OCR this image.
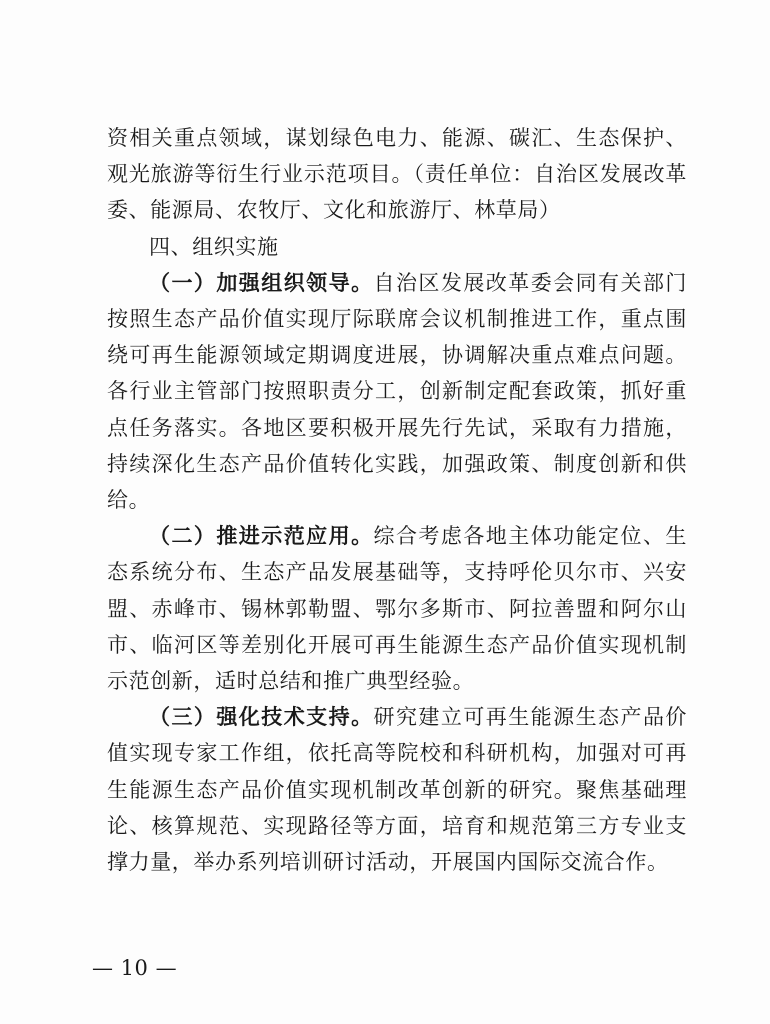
资相关重点领域，谋划绿色电力、能源、碳汇、生态保护、观光旅游等衍生行业示范项目。（责任单位：自治区发展改革委、能源局、农牧厅、文化和旅游厅、林草局）

四、组织实施

（一）加强组织领导。自治区发展改革委会同有关部门按照生态产品价值实现厅际联席会议机制推进工作，重点围绕可再生能源领域定期调度进展，协调解决重点难点问题。各行业主管部门按照职责分工，创新制定配套政策，抓好重点任务落实。各地区要积极开展先行先试，采取有力措施，持续深化生态产品价值转化实践，加强政策、制度创新和供给。

（二）推进示范应用。综合考虑各地主体功能定位、生态系统分布、生态产品发展基础等，支持呼伦贝尔市、兴安盟、赤峰市、锡林郭勒盟、鄂尔多斯市、阿拉善盟和阿尔山市、临河区等差别化开展可再生能源生态产品价值实现机制示范创新，适时总结和推广典型经验。

（三）强化技术支持。研究建立可再生能源生态产品价值实现专家工作组，依托高等院校和科研机构，加强对可再生能源生态产品价值实现机制改革创新的研究。聚焦基础理论、核算规范、实现路径等方面，培育和规范第三方专业支撑力量，举办系列培训研讨活动，开展国内国际交流合作。

— 10 —
